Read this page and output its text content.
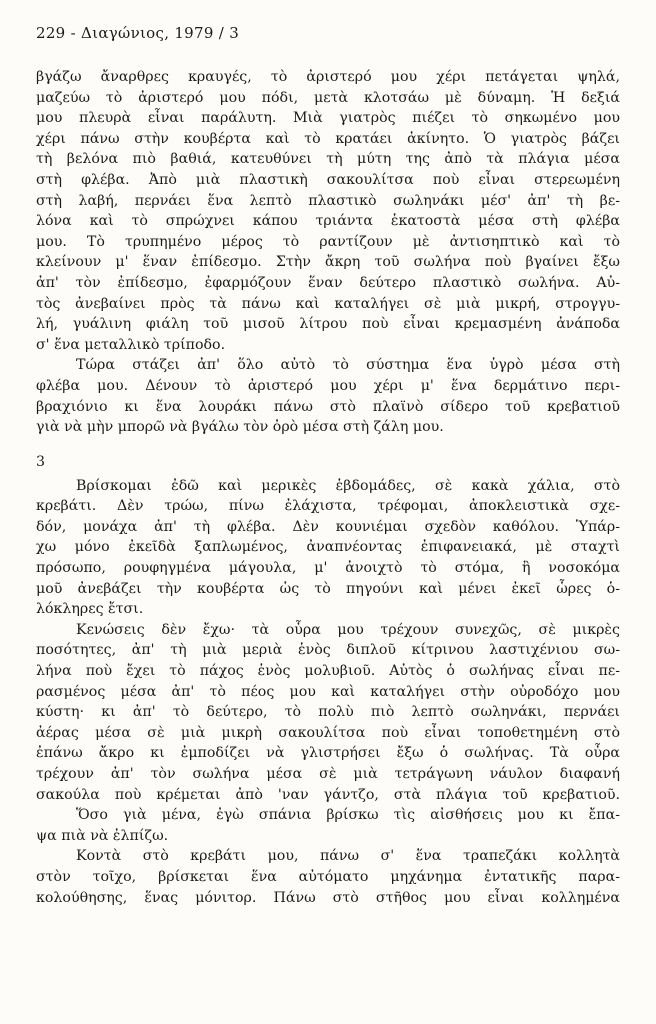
229 - Διαγώνιος, 1979 / 3
βγάζω ἄναρθρες κραυγές, τὸ ἀριστερό μου χέρι πετάγεται ψηλά,
μαζεύω τὸ ἀριστερό μου πόδι, μετὰ κλοτσάω μὲ δύναμη. Ἡ δεξιά
μου πλευρὰ εἶναι παράλυτη. Μιὰ γιατρὸς πιέζει τὸ σηκωμένο μου
χέρι πάνω στὴν κουβέρτα καὶ τὸ κρατάει ἀκίνητο. Ὁ γιατρὸς βάζει
τὴ βελόνα πιὸ βαθιά, κατευθύνει τὴ μύτη της ἀπὸ τὰ πλάγια μέσα
στὴ φλέβα. Ἀπὸ μιὰ πλαστικὴ σακουλίτσα ποὺ εἶναι στερεωμένη
στὴ λαβή, περνάει ἕνα λεπτὸ πλαστικὸ σωληνάκι μέσ' ἀπ' τὴ βε-
λόνα καὶ τὸ σπρώχνει κάπου τριάντα ἑκατοστὰ μέσα στὴ φλέβα
μου. Τὸ τρυπημένο μέρος τὸ ραντίζουν μὲ ἀντισηπτικὸ καὶ τὸ
κλείνουν μ' ἕναν ἐπίδεσμο. Στὴν ἄκρη τοῦ σωλήνα ποὺ βγαίνει ἔξω
ἀπ' τὸν ἐπίδεσμο, ἐφαρμόζουν ἕναν δεύτερο πλαστικὸ σωλήνα. Αὐ-
τὸς ἀνεβαίνει πρὸς τὰ πάνω καὶ καταλήγει σὲ μιὰ μικρή, στρογγυ-
λή, γυάλινη φιάλη τοῦ μισοῦ λίτρου ποὺ εἶναι κρεμασμένη ἀνάποδα
σ' ἕνα μεταλλικὸ τρίποδο.
Τώρα στάζει ἀπ' ὅλο αὐτὸ τὸ σύστημα ἕνα ὑγρὸ μέσα στὴ
φλέβα μου. Δένουν τὸ ἀριστερό μου χέρι μ' ἕνα δερμάτινο περι-
βραχιόνιο κι ἕνα λουράκι πάνω στὸ πλαϊνὸ σίδερο τοῦ κρεβατιοῦ
γιὰ νὰ μὴν μπορῶ νὰ βγάλω τὸν ὀρὸ μέσα στὴ ζάλη μου.
3
Βρίσκομαι ἐδῶ καὶ μερικὲς ἑβδομάδες, σὲ κακὰ χάλια, στὸ
κρεβάτι. Δὲν τρώω, πίνω ἐλάχιστα, τρέφομαι, ἀποκλειστικὰ σχε-
δόν, μονάχα ἀπ' τὴ φλέβα. Δὲν κουνιέμαι σχεδὸν καθόλου. Ὑπάρ-
χω μόνο ἐκεῖδὰ ξαπλωμένος, ἀναπνέοντας ἐπιφανειακά, μὲ σταχτὶ
πρόσωπο, ρουφηγμένα μάγουλα, μ' ἀνοιχτὸ τὸ στόμα, ἢ νοσοκόμα
μοῦ ἀνεβάζει τὴν κουβέρτα ὡς τὸ πηγούνι καὶ μένει ἐκεῖ ὧρες ὁ-
λόκληρες ἔτσι.
Κενώσεις δὲν ἔχω· τὰ οὖρα μου τρέχουν συνεχῶς, σὲ μικρὲς
ποσότητες, ἀπ' τὴ μιὰ μεριὰ ἑνὸς διπλοῦ κίτρινου λαστιχένιου σω-
λήνα ποὺ ἔχει τὸ πάχος ἑνὸς μολυβιοῦ. Αὐτὸς ὁ σωλήνας εἶναι πε-
ρασμένος μέσα ἀπ' τὸ πέος μου καὶ καταλήγει στὴν οὐροδόχο μου
κύστη· κι ἀπ' τὸ δεύτερο, τὸ πολὺ πιὸ λεπτὸ σωληνάκι, περνάει
ἀέρας μέσα σὲ μιὰ μικρὴ σακουλίτσα ποὺ εἶναι τοποθετημένη στὸ
ἐπάνω ἄκρο κι ἐμποδίζει νὰ γλιστρήσει ἔξω ὁ σωλήνας. Τὰ οὖρα
τρέχουν ἀπ' τὸν σωλήνα μέσα σὲ μιὰ τετράγωνη νάυλον διαφανή
σακούλα ποὺ κρέμεται ἀπὸ 'ναν γάντζο, στὰ πλάγια τοῦ κρεβατιοῦ.
Ὅσο γιὰ μένα, ἐγὼ σπάνια βρίσκω τὶς αἰσθήσεις μου κι ἔπα-
ψα πιὰ νὰ ἐλπίζω.
Κοντὰ στὸ κρεβάτι μου, πάνω σ' ἕνα τραπεζάκι κολλητὰ
στὸν τοῖχο, βρίσκεται ἕνα αὐτόματο μηχάνημα ἐντατικῆς παρα-
κολούθησης, ἕνας μόνιτορ. Πάνω στὸ στῆθος μου εἶναι κολλημένα
